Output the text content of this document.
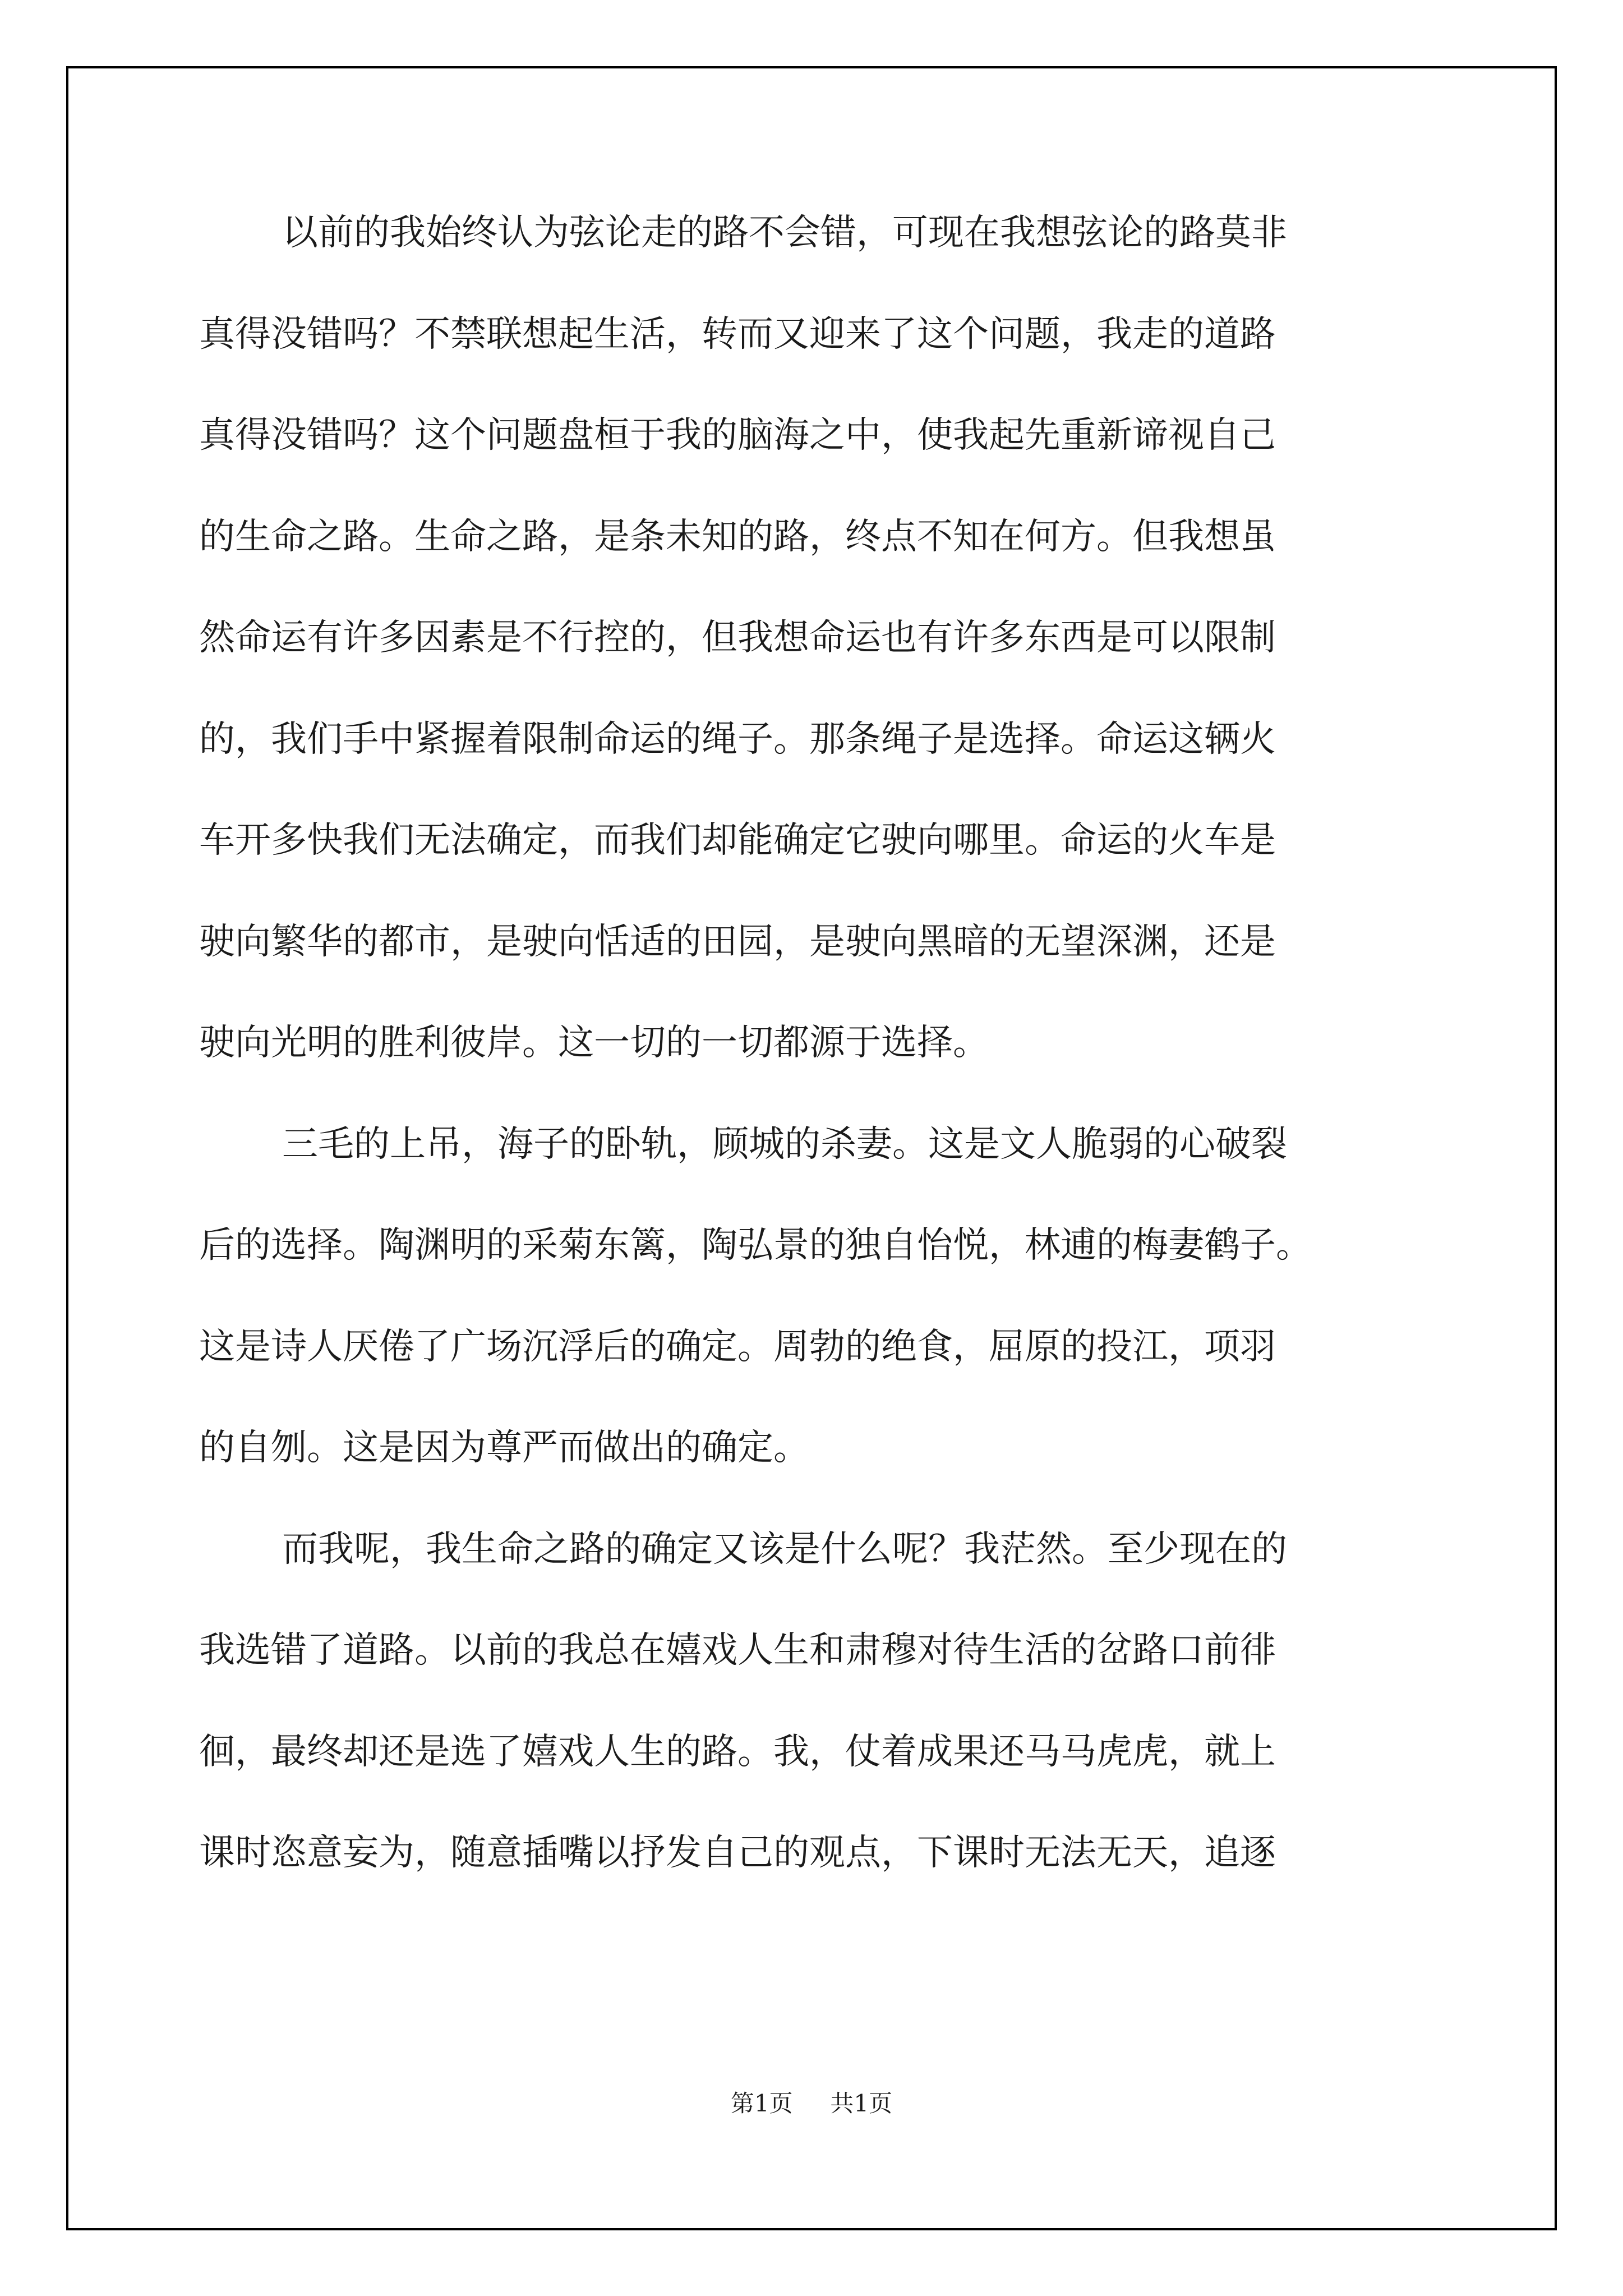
以前的我始终认为弦论走的路不会错，可现在我想弦论的路莫非
真得没错吗？不禁联想起生活，转而又迎来了这个问题，我走的道路
真得没错吗？这个问题盘桓于我的脑海之中，使我起先重新谛视自己
的生命之路。生命之路，是条未知的路，终点不知在何方。但我想虽
然命运有许多因素是不行控的，但我想命运也有许多东西是可以限制
的，我们手中紧握着限制命运的绳子。那条绳子是选择。命运这辆火
车开多快我们无法确定，而我们却能确定它驶向哪里。命运的火车是
驶向繁华的都市，是驶向恬适的田园，是驶向黑暗的无望深渊，还是
驶向光明的胜利彼岸。这一切的一切都源于选择。
三毛的上吊，海子的卧轨，顾城的杀妻。这是文人脆弱的心破裂
后的选择。陶渊明的采菊东篱，陶弘景的独自怡悦，林逋的梅妻鹤子。
这是诗人厌倦了广场沉浮后的确定。周勃的绝食，屈原的投江，项羽
的自刎。这是因为尊严而做出的确定。
而我呢，我生命之路的确定又该是什么呢？我茫然。至少现在的
我选错了道路。以前的我总在嬉戏人生和肃穆对待生活的岔路口前徘
徊，最终却还是选了嬉戏人生的路。我，仗着成果还马马虎虎，就上
课时恣意妄为，随意插嘴以抒发自己的观点，下课时无法无天，追逐
第1页 共1页
